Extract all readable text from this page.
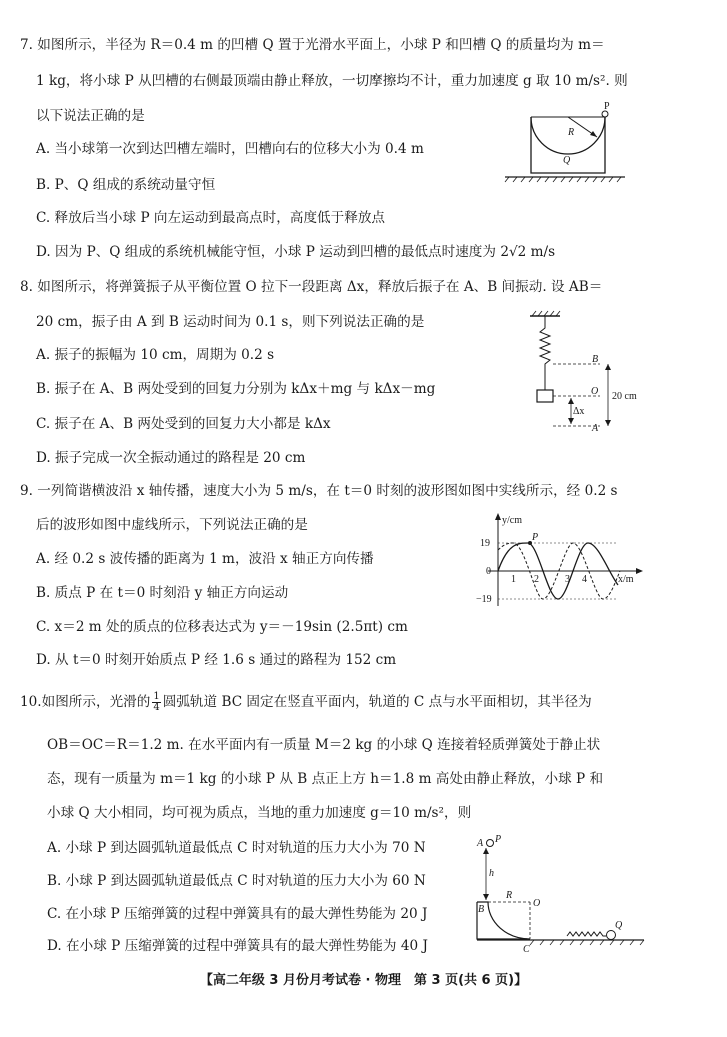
7. 如图所示，半径为 R＝0.4 m 的凹槽 Q 置于光滑水平面上，小球 P 和凹槽 Q 的质量均为 m＝
1 kg，将小球 P 从凹槽的右侧最顶端由静止释放，一切摩擦均不计，重力加速度 g 取 10 m/s². 则
以下说法正确的是
A. 当小球第一次到达凹槽左端时，凹槽向右的位移大小为 0.4 m
B. P、Q 组成的系统动量守恒
C. 释放后当小球 P 向左运动到最高点时，高度低于释放点
D. 因为 P、Q 组成的系统机械能守恒，小球 P 运动到凹槽的最低点时速度为 2√2 m/s
P
R
Q
8. 如图所示，将弹簧振子从平衡位置 O 拉下一段距离 Δx，释放后振子在 A、B 间振动. 设 AB＝
20 cm，振子由 A 到 B 运动时间为 0.1 s，则下列说法正确的是
A. 振子的振幅为 10 cm，周期为 0.2 s
B. 振子在 A、B 两处受到的回复力分别为 kΔx＋mg 与 kΔx－mg
C. 振子在 A、B 两处受到的回复力大小都是 kΔx
D. 振子完成一次全振动通过的路程是 20 cm
B
O
A
Δx
20 cm
9. 一列简谐横波沿 x 轴传播，速度大小为 5 m/s，在 t＝0 时刻的波形图如图中实线所示，经 0.2 s
后的波形如图中虚线所示，下列说法正确的是
A. 经 0.2 s 波传播的距离为 1 m，波沿 x 轴正方向传播
B. 质点 P 在 t＝0 时刻沿 y 轴正方向运动
C. x＝2 m 处的质点的位移表达式为 y＝－19sin (2.5πt) cm
D. 从 t＝0 时刻开始质点 P 经 1.6 s 通过的路程为 152 cm
y/cm
x/m
0
19
−19
1 2	3 4
P
10.如图所示，光滑的 $\frac{1}{4}$ 圆弧轨道 BC 固定在竖直平面内，轨道的 C 点与水平面相切，其半径为
OB＝OC＝R＝1.2 m. 在水平面内有一质量 M＝2 kg 的小球 Q 连接着轻质弹簧处于静止状
态，现有一质量为 m＝1 kg 的小球 P 从 B 点正上方 h＝1.8 m 高处由静止释放，小球 P 和
小球 Q 大小相同，均可视为质点，当地的重力加速度 g＝10 m/s²，则
A. 小球 P 到达圆弧轨道最低点 C 时对轨道的压力大小为 70 N
B. 小球 P 到达圆弧轨道最低点 C 时对轨道的压力大小为 60 N
C. 在小球 P 压缩弹簧的过程中弹簧具有的最大弹性势能为 20 J
D. 在小球 P 压缩弹簧的过程中弹簧具有的最大弹性势能为 40 J
A P
h
B
R
O
C
Q
【高二年级 3 月份月考试卷 · 物理　第 3 页(共 6 页)】
